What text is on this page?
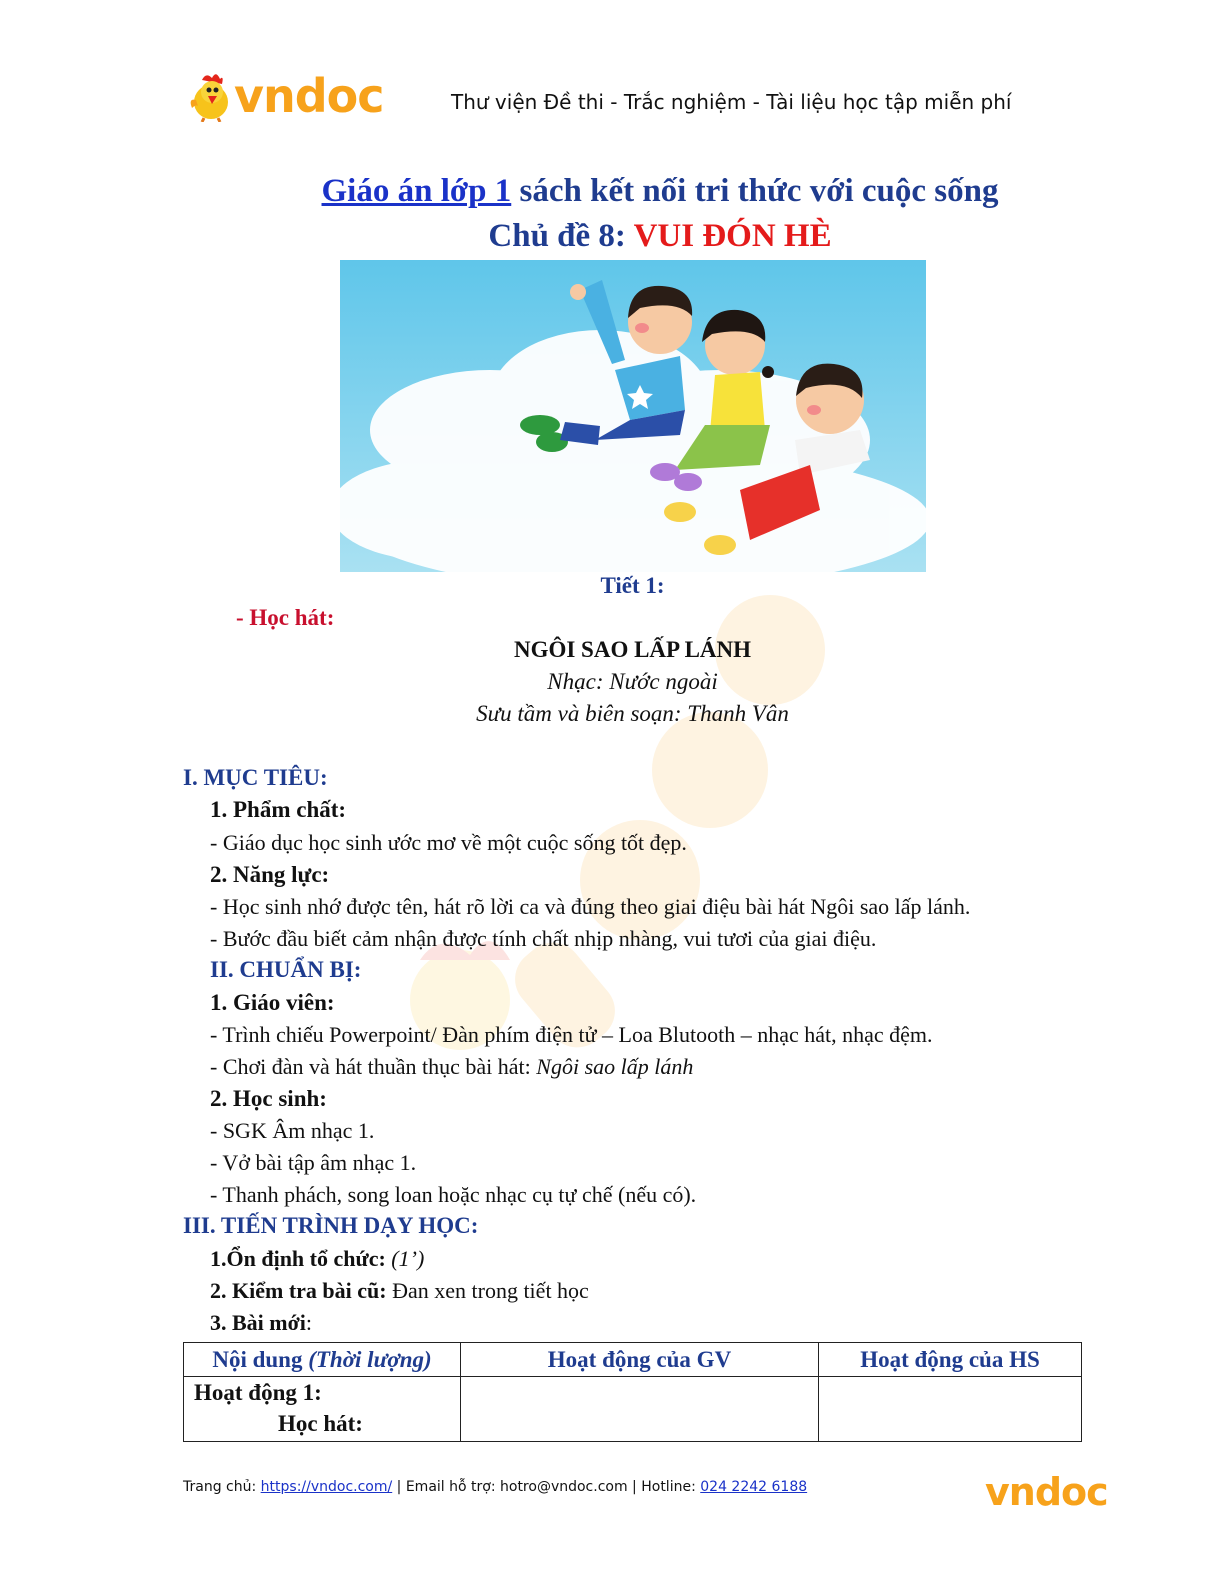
vndoc	Thư viện Đề thi - Trắc nghiệm - Tài liệu học tập miễn phí
Giáo án lớp 1 sách kết nối tri thức với cuộc sống
Chủ đề 8: VUI ĐÓN HÈ
Tiết 1:
- Học hát:
NGÔI SAO LẤP LÁNH
Nhạc: Nước ngoài
Sưu tầm và biên soạn: Thanh Vân
I. MỤC TIÊU:
1. Phẩm chất:
- Giáo dục học sinh ước mơ về một cuộc sống tốt đẹp.
2. Năng lực:
- Học sinh nhớ được tên, hát rõ lời ca và đúng theo giai điệu bài hát Ngôi sao lấp lánh.
- Bước đầu biết cảm nhận được tính chất nhịp nhàng, vui tươi của giai điệu.
II. CHUẨN BỊ:
1. Giáo viên:
- Trình chiếu Powerpoint/ Đàn phím điện tử – Loa Blutooth – nhạc hát, nhạc đệm.
- Chơi đàn và hát thuần thục bài hát: Ngôi sao lấp lánh
2. Học sinh:
- SGK Âm nhạc 1.
- Vở bài tập âm nhạc 1.
- Thanh phách, song loan hoặc nhạc cụ tự chế (nếu có).
III. TIẾN TRÌNH DẠY HỌC:
1.Ổn định tổ chức: (1’)
2. Kiểm tra bài cũ: Đan xen trong tiết học
3. Bài mới:
Nội dung (Thời lượng)	Hoạt động của GV	Hoạt động của HS

Hoạt động 1:
Học hát:		

Trang chủ: https://vndoc.com/ | Email hỗ trợ: hotro@vndoc.com | Hotline: 024 2242 6188	vndoc
